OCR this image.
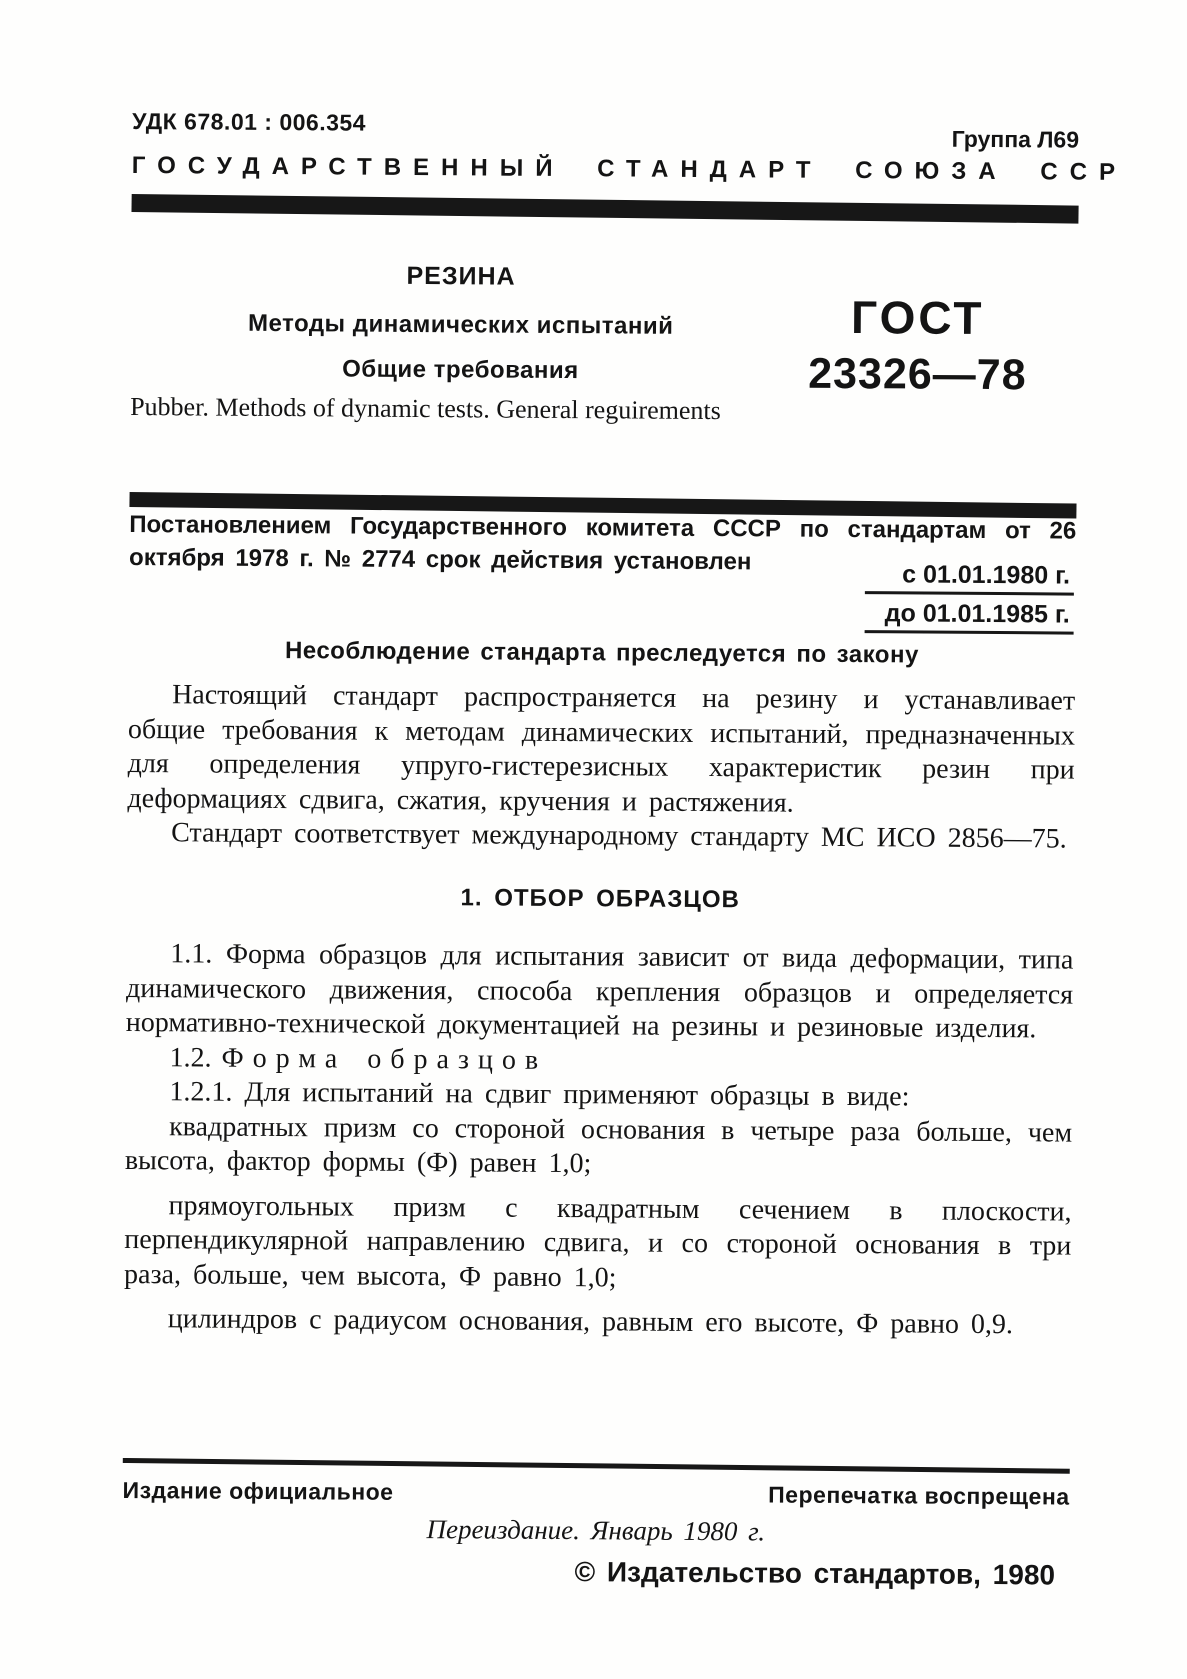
УДК 678.01 : 006.354
Группа Л69
ГОСУДАРСТВЕННЫЙ СТАНДАРТ СОЮЗА ССР
РЕЗИНА
Методы динамических испытаний
Общие требования
Pubber. Methods of dynamic tests. General reguirements
ГОСТ
23326—78
Постановлением Государственного комитета СССР по стандартам от 26 октября 1978 г. № 2774 срок действия установлен	с 01.01.1980 г.
до 01.01.1985 г.
Несоблюдение стандарта преследуется по закону

Настоящий стандарт распространяется на резину и устанавливает общие требования к методам динамических испытаний, предназначенных для определения упруго-гистерезисных характеристик резин при деформациях сдвига, сжатия, кручения и растяжения.

Стандарт соответствует международному стандарту МС ИСО 2856—75.

1. ОТБОР ОБРАЗЦОВ

1.1. Форма образцов для испытания зависит от вида деформации, типа динамического движения, способа крепления образцов и определяется нормативно-технической документацией на резины и резиновые изделия.

1.2. Форма образцов

1.2.1. Для испытаний на сдвиг применяют образцы в виде:

квадратных призм со стороной основания в четыре раза больше, чем высота, фактор формы (Ф) равен 1,0;

прямоугольных призм с квадратным сечением в плоскости, перпендикулярной направлению сдвига, и со стороной основания в три раза, больше, чем высота, Ф равно 1,0;

цилиндров с радиусом основания, равным его высоте, Ф равно 0,9.

Издание официальное	Перепечатка воспрещена
Переиздание. Январь 1980 г.
© Издательство стандартов, 1980
